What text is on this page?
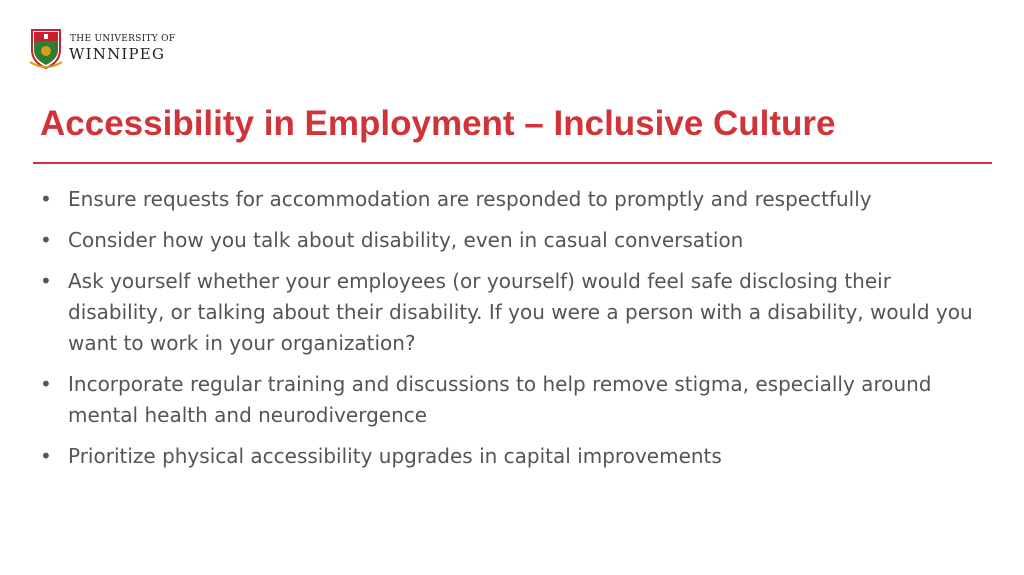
THE UNIVERSITY OF
WINNIPEG
Accessibility in Employment – Inclusive Culture
• Ensure requests for accommodation are responded to promptly and respectfully
• Consider how you talk about disability, even in casual conversation
• Ask yourself whether your employees (or yourself) would feel safe disclosing their disability, or talking about their disability. If you were a person with a disability, would you want to work in your organization?
• Incorporate regular training and discussions to help remove stigma, especially around mental health and neurodivergence
• Prioritize physical accessibility upgrades in capital improvements
